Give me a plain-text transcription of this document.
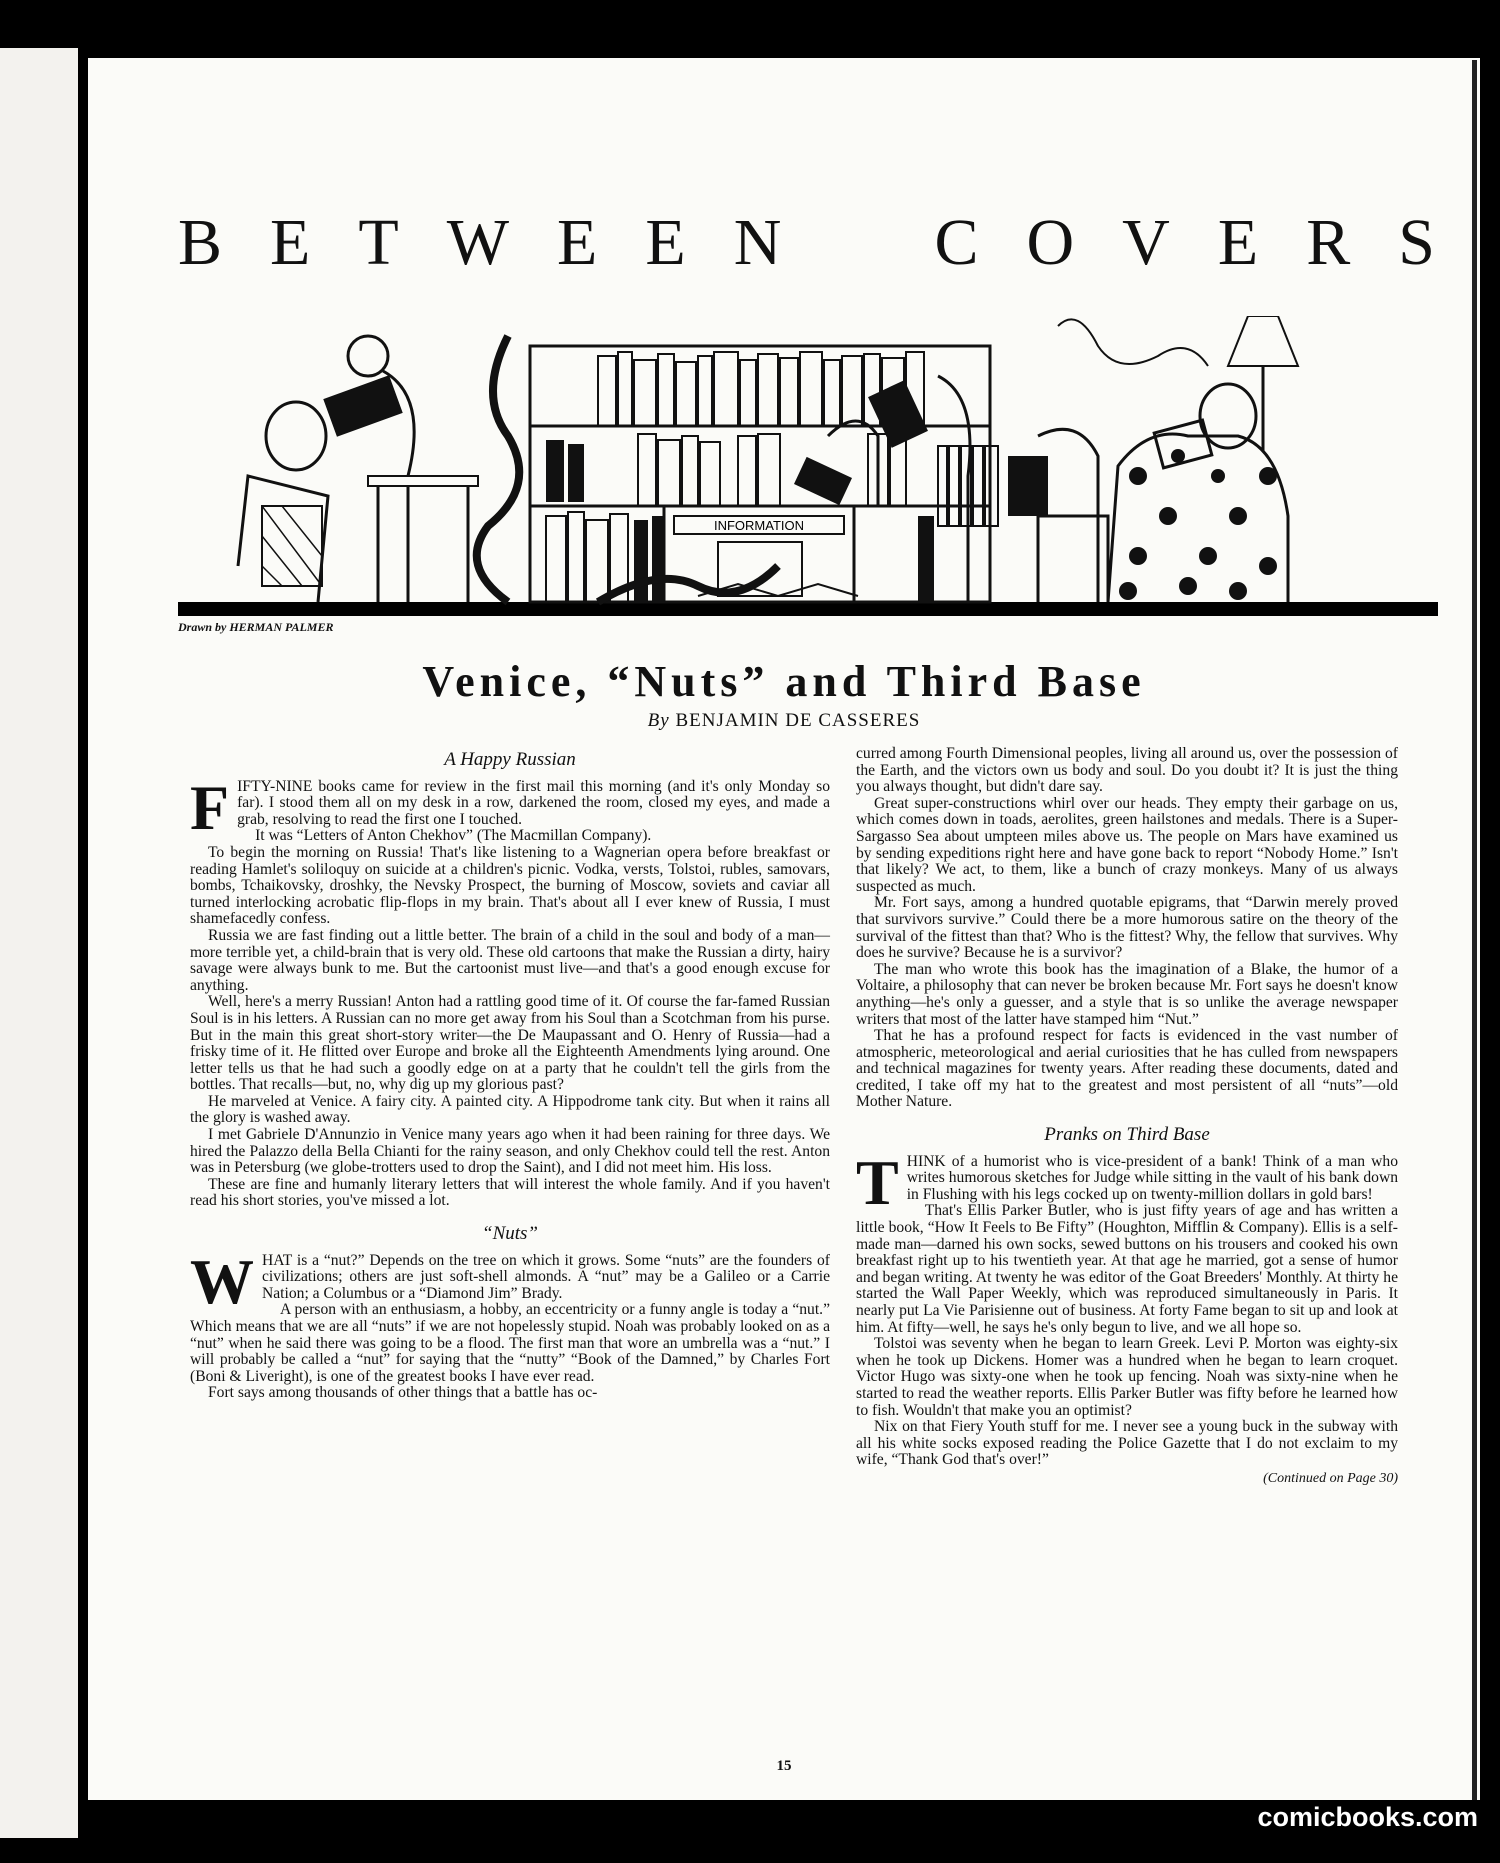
B E T W E E N C O V E R S
INFORMATION
Drawn by HERMAN PALMER
Venice, “Nuts” and Third Base
By BENJAMIN DE CASSERES
A Happy Russian

FIFTY-NINE books came for review in the first mail this morning (and it's only Monday so far). I stood them all on my desk in a row, darkened the room, closed my eyes, and made a grab, resolving to read the first one I touched.

It was “Letters of Anton Chekhov” (The Macmillan Company).

To begin the morning on Russia! That's like listening to a Wagnerian opera before breakfast or reading Hamlet's soliloquy on suicide at a children's picnic. Vodka, versts, Tolstoi, rubles, samovars, bombs, Tchaikovsky, droshky, the Nevsky Prospect, the burning of Moscow, soviets and caviar all turned interlocking acrobatic flip-flops in my brain. That's about all I ever knew of Russia, I must shamefacedly confess.

Russia we are fast finding out a little better. The brain of a child in the soul and body of a man—more terrible yet, a child-brain that is very old. These old cartoons that make the Russian a dirty, hairy savage were always bunk to me. But the cartoonist must live—and that's a good enough excuse for anything.

Well, here's a merry Russian! Anton had a rattling good time of it. Of course the far-famed Russian Soul is in his letters. A Russian can no more get away from his Soul than a Scotchman from his purse. But in the main this great short-story writer—the De Maupassant and O. Henry of Russia—had a frisky time of it. He flitted over Europe and broke all the Eighteenth Amendments lying around. One letter tells us that he had such a goodly edge on at a party that he couldn't tell the girls from the bottles. That recalls—but, no, why dig up my glorious past?

He marveled at Venice. A fairy city. A painted city. A Hippodrome tank city. But when it rains all the glory is washed away.

I met Gabriele D'Annunzio in Venice many years ago when it had been raining for three days. We hired the Palazzo della Bella Chianti for the rainy season, and only Chekhov could tell the rest. Anton was in Petersburg (we globe-trotters used to drop the Saint), and I did not meet him. His loss.

These are fine and humanly literary letters that will interest the whole family. And if you haven't read his short stories, you've missed a lot.

“Nuts”

WHAT is a “nut?” Depends on the tree on which it grows. Some “nuts” are the founders of civilizations; others are just soft-shell almonds. A “nut” may be a Galileo or a Carrie Nation; a Columbus or a “Diamond Jim” Brady.

A person with an enthusiasm, a hobby, an eccentricity or a funny angle is today a “nut.” Which means that we are all “nuts” if we are not hopelessly stupid. Noah was probably looked on as a “nut” when he said there was going to be a flood. The first man that wore an umbrella was a “nut.” I will probably be called a “nut” for saying that the “nutty” “Book of the Damned,” by Charles Fort (Boni & Liveright), is one of the greatest books I have ever read.

Fort says among thousands of other things that a battle has oc-

curred among Fourth Dimensional peoples, living all around us, over the possession of the Earth, and the victors own us body and soul. Do you doubt it? It is just the thing you always thought, but didn't dare say.

Great super-constructions whirl over our heads. They empty their garbage on us, which comes down in toads, aerolites, green hailstones and medals. There is a Super-Sargasso Sea about umpteen miles above us. The people on Mars have examined us by sending expeditions right here and have gone back to report “Nobody Home.” Isn't that likely? We act, to them, like a bunch of crazy monkeys. Many of us always suspected as much.

Mr. Fort says, among a hundred quotable epigrams, that “Darwin merely proved that survivors survive.” Could there be a more humorous satire on the theory of the survival of the fittest than that? Who is the fittest? Why, the fellow that survives. Why does he survive? Because he is a survivor?

The man who wrote this book has the imagination of a Blake, the humor of a Voltaire, a philosophy that can never be broken because Mr. Fort says he doesn't know anything—he's only a guesser, and a style that is so unlike the average newspaper writers that most of the latter have stamped him “Nut.”

That he has a profound respect for facts is evidenced in the vast number of atmospheric, meteorological and aerial curiosities that he has culled from newspapers and technical magazines for twenty years. After reading these documents, dated and credited, I take off my hat to the greatest and most persistent of all “nuts”—old Mother Nature.

Pranks on Third Base

THINK of a humorist who is vice-president of a bank! Think of a man who writes humorous sketches for Judge while sitting in the vault of his bank down in Flushing with his legs cocked up on twenty-million dollars in gold bars!

That's Ellis Parker Butler, who is just fifty years of age and has written a little book, “How It Feels to Be Fifty” (Houghton, Mifflin & Company). Ellis is a self-made man—darned his own socks, sewed buttons on his trousers and cooked his own breakfast right up to his twentieth year. At that age he married, got a sense of humor and began writing. At twenty he was editor of the Goat Breeders' Monthly. At thirty he started the Wall Paper Weekly, which was reproduced simultaneously in Paris. It nearly put La Vie Parisienne out of business. At forty Fame began to sit up and look at him. At fifty—well, he says he's only begun to live, and we all hope so.

Tolstoi was seventy when he began to learn Greek. Levi P. Morton was eighty-six when he took up Dickens. Homer was a hundred when he began to learn croquet. Victor Hugo was sixty-one when he took up fencing. Noah was sixty-nine when he started to read the weather reports. Ellis Parker Butler was fifty before he learned how to fish. Wouldn't that make you an optimist?

Nix on that Fiery Youth stuff for me. I never see a young buck in the subway with all his white socks exposed reading the Police Gazette that I do not exclaim to my wife, “Thank God that's over!”

(Continued on Page 30)
15
comicbooks.com
